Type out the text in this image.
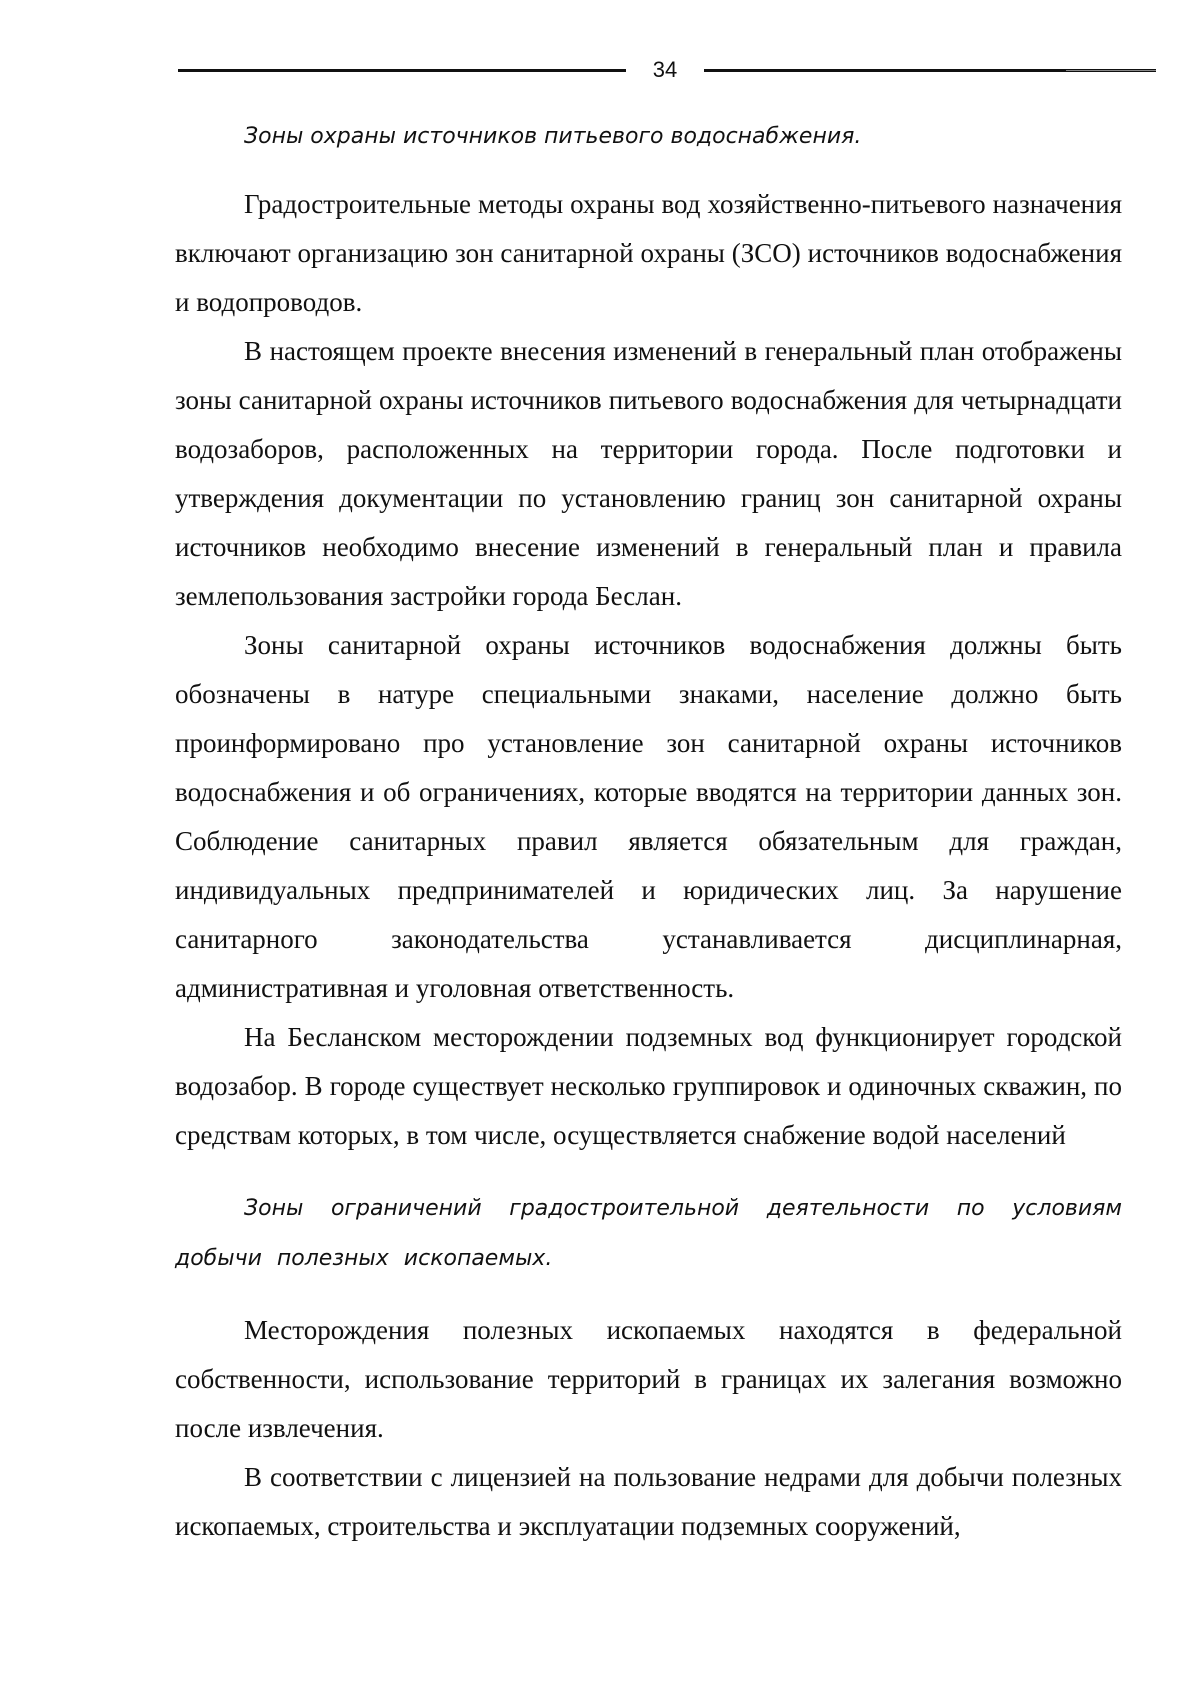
34

Зоны охраны источников питьевого водоснабжения.

Градостроительные методы охраны вод хозяйственно-питьевого назначения включают организацию зон санитарной охраны (ЗСО) источников водоснабжения и водопроводов.

В настоящем проекте внесения изменений в генеральный план отображены зоны санитарной охраны источников питьевого водоснабжения для четырнадцати водозаборов, расположенных на территории города. После подготовки и утверждения документации по установлению границ зон санитарной охраны источников необходимо внесение изменений в генеральный план и правила землепользования застройки города Беслан.

Зоны санитарной охраны источников водоснабжения должны быть обозначены в натуре специальными знаками, население должно быть проинформировано про установление зон санитарной охраны источников водоснабжения и об ограничениях, которые вводятся на территории данных зон. Соблюдение санитарных правил является обязательным для граждан, индивидуальных предпринимателей и юридических лиц. За нарушение санитарного законодательства устанавливается дисциплинарная, административная и уголовная ответственность.

На Бесланском месторождении подземных вод функционирует городской водозабор. В городе существует несколько группировок и одиночных скважин, по средствам которых, в том числе, осуществляется снабжение водой населений

Зоны ограничений градостроительной деятельности по условиям добычи полезных ископаемых.

Месторождения полезных ископаемых находятся в федеральной собственности, использование территорий в границах их залегания возможно после извлечения.

В соответствии с лицензией на пользование недрами для добычи полезных ископаемых, строительства и эксплуатации подземных сооружений,
